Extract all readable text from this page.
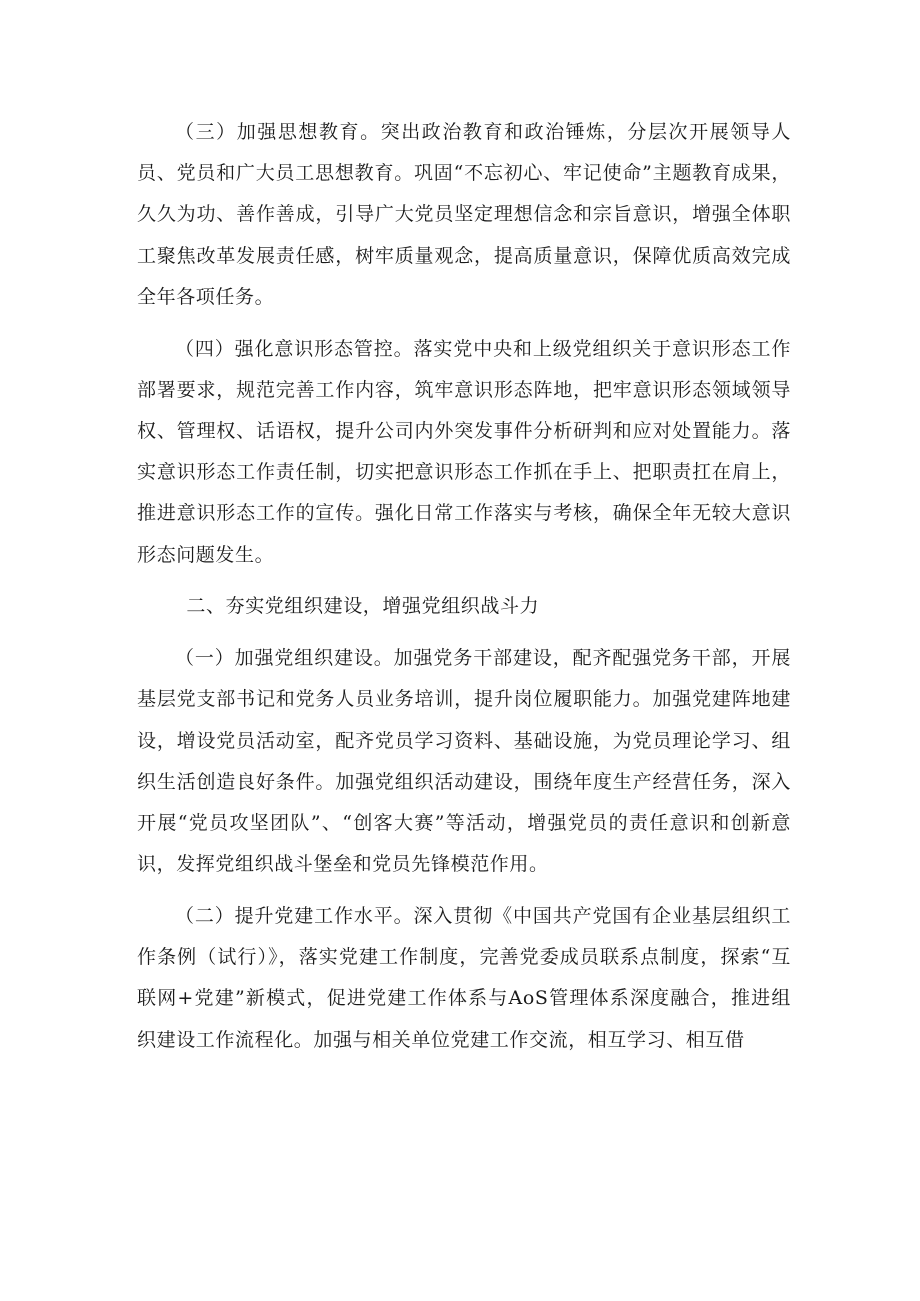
（三）加强思想教育。突出政治教育和政治锤炼，分层次开展领导人员、党员和广大员工思想教育。巩固“不忘初心、牢记使命”主题教育成果，久久为功、善作善成，引导广大党员坚定理想信念和宗旨意识，增强全体职工聚焦改革发展责任感，树牢质量观念，提高质量意识，保障优质高效完成全年各项任务。

（四）强化意识形态管控。落实党中央和上级党组织关于意识形态工作部署要求，规范完善工作内容，筑牢意识形态阵地，把牢意识形态领域领导权、管理权、话语权，提升公司内外突发事件分析研判和应对处置能力。落实意识形态工作责任制，切实把意识形态工作抓在手上、把职责扛在肩上，推进意识形态工作的宣传。强化日常工作落实与考核，确保全年无较大意识形态问题发生。

二、夯实党组织建设，增强党组织战斗力

（一）加强党组织建设。加强党务干部建设，配齐配强党务干部，开展基层党支部书记和党务人员业务培训，提升岗位履职能力。加强党建阵地建设，增设党员活动室，配齐党员学习资料、基础设施，为党员理论学习、组织生活创造良好条件。加强党组织活动建设，围绕年度生产经营任务，深入开展“党员攻坚团队”、“创客大赛”等活动，增强党员的责任意识和创新意识，发挥党组织战斗堡垒和党员先锋模范作用。

（二）提升党建工作水平。深入贯彻《中国共产党国有企业基层组织工作条例（试行）》，落实党建工作制度，完善党委成员联系点制度，探索“互联网+党建”新模式，促进党建工作体系与AoS管理体系深度融合，推进组织建设工作流程化。加强与相关单位党建工作交流，相互学习、相互借
